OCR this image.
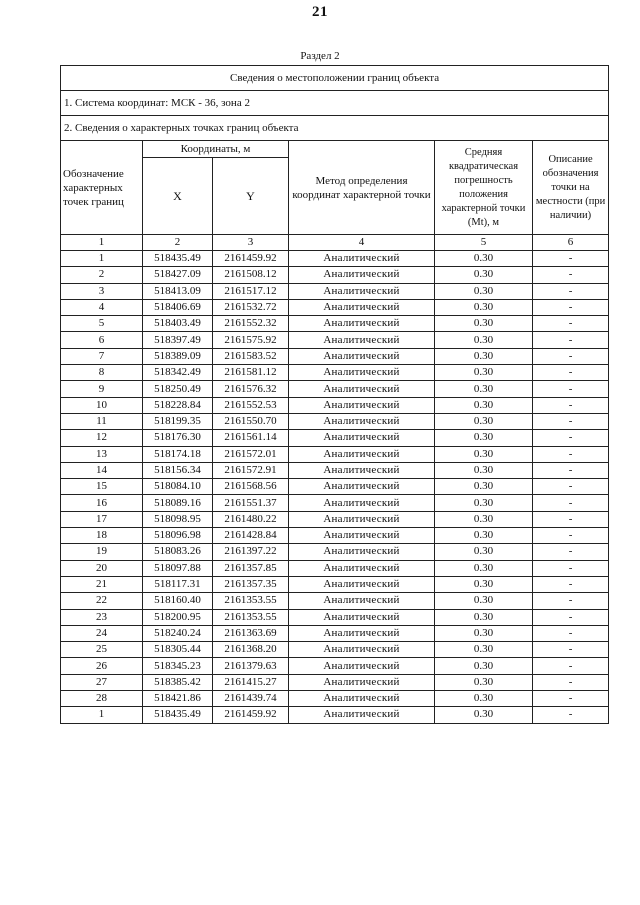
21
Раздел 2
Сведения о местоположении границ объекта					
1. Система координат: МСК - 36, зона 2					
2. Сведения о характерных точках границ объекта					
Обозначение характерных точек границ	Координаты, м		Метод определения координат характерной точки	Средняя квадратическая погрешность положения характерной точки (Mt), м	Описание обозначения точки на местности (при наличии)
	X	Y			
1	2	3	4	5	6
1	518435.49	2161459.92	Аналитический	0.30	-
2	518427.09	2161508.12	Аналитический	0.30	-
3	518413.09	2161517.12	Аналитический	0.30	-
4	518406.69	2161532.72	Аналитический	0.30	-
5	518403.49	2161552.32	Аналитический	0.30	-
6	518397.49	2161575.92	Аналитический	0.30	-
7	518389.09	2161583.52	Аналитический	0.30	-
8	518342.49	2161581.12	Аналитический	0.30	-
9	518250.49	2161576.32	Аналитический	0.30	-
10	518228.84	2161552.53	Аналитический	0.30	-
11	518199.35	2161550.70	Аналитический	0.30	-
12	518176.30	2161561.14	Аналитический	0.30	-
13	518174.18	2161572.01	Аналитический	0.30	-
14	518156.34	2161572.91	Аналитический	0.30	-
15	518084.10	2161568.56	Аналитический	0.30	-
16	518089.16	2161551.37	Аналитический	0.30	-
17	518098.95	2161480.22	Аналитический	0.30	-
18	518096.98	2161428.84	Аналитический	0.30	-
19	518083.26	2161397.22	Аналитический	0.30	-
20	518097.88	2161357.85	Аналитический	0.30	-
21	518117.31	2161357.35	Аналитический	0.30	-
22	518160.40	2161353.55	Аналитический	0.30	-
23	518200.95	2161353.55	Аналитический	0.30	-
24	518240.24	2161363.69	Аналитический	0.30	-
25	518305.44	2161368.20	Аналитический	0.30	-
26	518345.23	2161379.63	Аналитический	0.30	-
27	518385.42	2161415.27	Аналитический	0.30	-
28	518421.86	2161439.74	Аналитический	0.30	-
1	518435.49	2161459.92	Аналитический	0.30	-
